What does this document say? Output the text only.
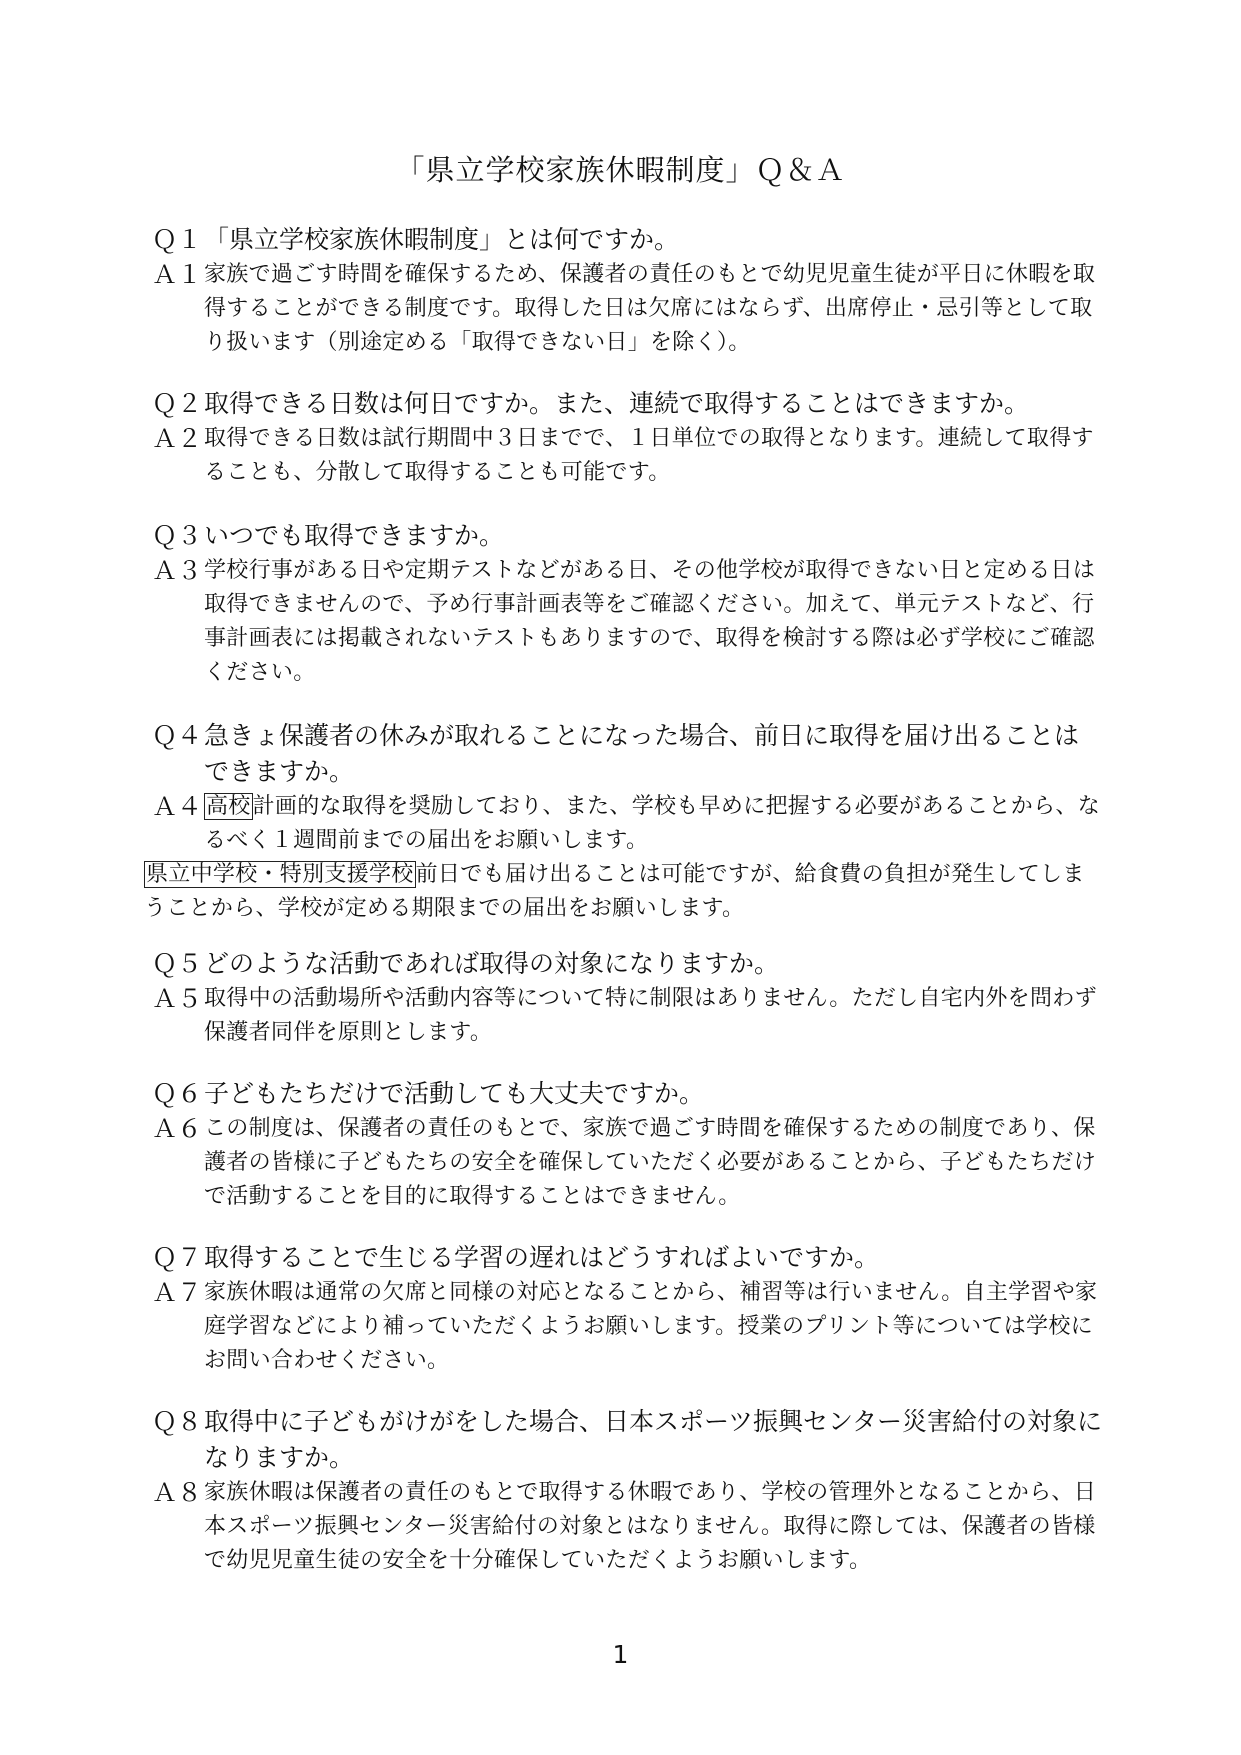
「県立学校家族休暇制度」Ｑ＆Ａ
Ｑ１ 「県立学校家族休暇制度」とは何ですか。
Ａ１ 家族で過ごす時間を確保するため、保護者の責任のもとで幼児児童生徒が平日に休暇を取得することができる制度です。取得した日は欠席にはならず、出席停止・忌引等として取り扱います（別途定める「取得できない日」を除く）。
Ｑ２ 取得できる日数は何日ですか。また、連続で取得することはできますか。
Ａ２ 取得できる日数は試行期間中３日までで、１日単位での取得となります。連続して取得することも、分散して取得することも可能です。
Ｑ３ いつでも取得できますか。
Ａ３ 学校行事がある日や定期テストなどがある日、その他学校が取得できない日と定める日は取得できませんので、予め行事計画表等をご確認ください。加えて、単元テストなど、行事計画表には掲載されないテストもありますので、取得を検討する際は必ず学校にご確認ください。
Ｑ４ 急きょ保護者の休みが取れることになった場合、前日に取得を届け出ることはできますか。
Ａ４ 高校計画的な取得を奨励しており、また、学校も早めに把握する必要があることから、なるべく１週間前までの届出をお願いします。
県立中学校・特別支援学校前日でも届け出ることは可能ですが、給食費の負担が発生してしまうことから、学校が定める期限までの届出をお願いします。
Ｑ５ どのような活動であれば取得の対象になりますか。
Ａ５ 取得中の活動場所や活動内容等について特に制限はありません。ただし自宅内外を問わず保護者同伴を原則とします。
Ｑ６ 子どもたちだけで活動しても大丈夫ですか。
Ａ６ この制度は、保護者の責任のもとで、家族で過ごす時間を確保するための制度であり、保護者の皆様に子どもたちの安全を確保していただく必要があることから、子どもたちだけで活動することを目的に取得することはできません。
Ｑ７ 取得することで生じる学習の遅れはどうすればよいですか。
Ａ７ 家族休暇は通常の欠席と同様の対応となることから、補習等は行いません。自主学習や家庭学習などにより補っていただくようお願いします。授業のプリント等については学校にお問い合わせください。
Ｑ８ 取得中に子どもがけがをした場合、日本スポーツ振興センター災害給付の対象になりますか。
Ａ８ 家族休暇は保護者の責任のもとで取得する休暇であり、学校の管理外となることから、日本スポーツ振興センター災害給付の対象とはなりません。取得に際しては、保護者の皆様で幼児児童生徒の安全を十分確保していただくようお願いします。
1
